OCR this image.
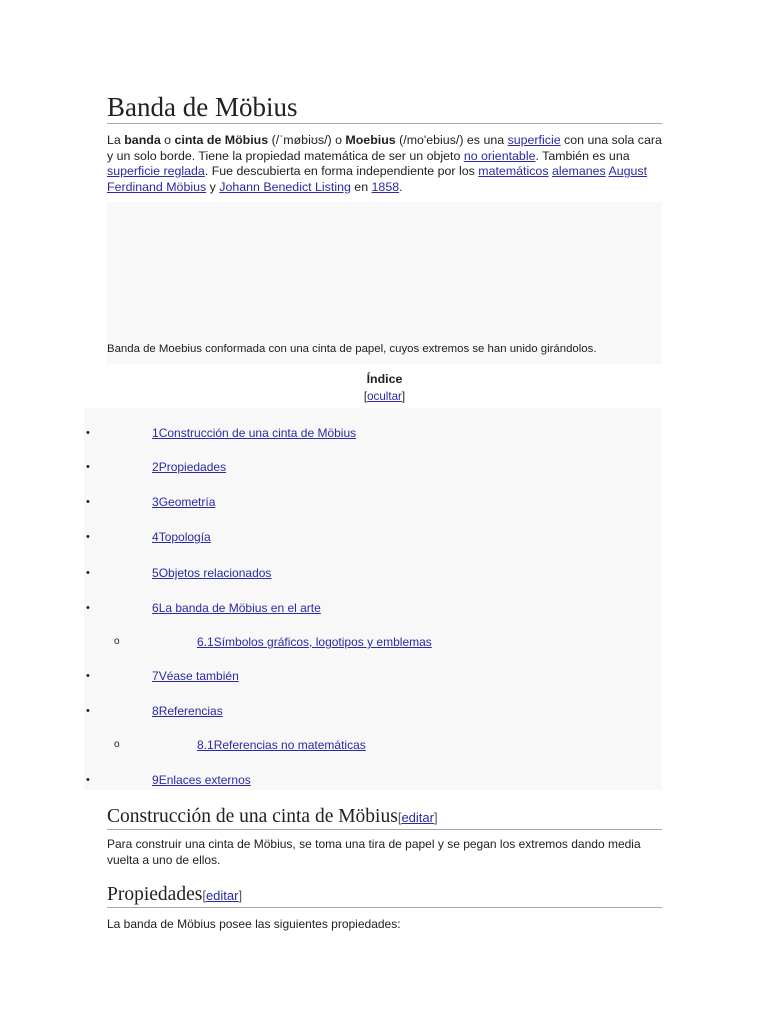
Banda de Möbius

La banda o cinta de Möbius (/ˈmøbiʊs/) o Moebius (/mo'ebius/) es una superficie con una sola cara y un solo borde. Tiene la propiedad matemática de ser un objeto no orientable. También es una superficie reglada. Fue descubierta en forma independiente por los matemáticos alemanes August Ferdinand Möbius y Johann Benedict Listing en 1858.

Banda de Moebius conformada con una cinta de papel, cuyos extremos se han unido girándolos.
Índice
[ocultar]
•	1Construcción de una cinta de Möbius
•	2Propiedades
•	3Geometría
•	4Topología
•	5Objetos relacionados
•	6La banda de Möbius en el arte
o	6.1Símbolos gráficos, logotipos y emblemas
•	7Véase también
•	8Referencias
o	8.1Referencias no matemáticas
•	9Enlaces externos
Construcción de una cinta de Möbius[editar]

Para construir una cinta de Möbius, se toma una tira de papel y se pegan los extremos dando media vuelta a uno de ellos.

Propiedades[editar]

La banda de Möbius posee las siguientes propiedades:
